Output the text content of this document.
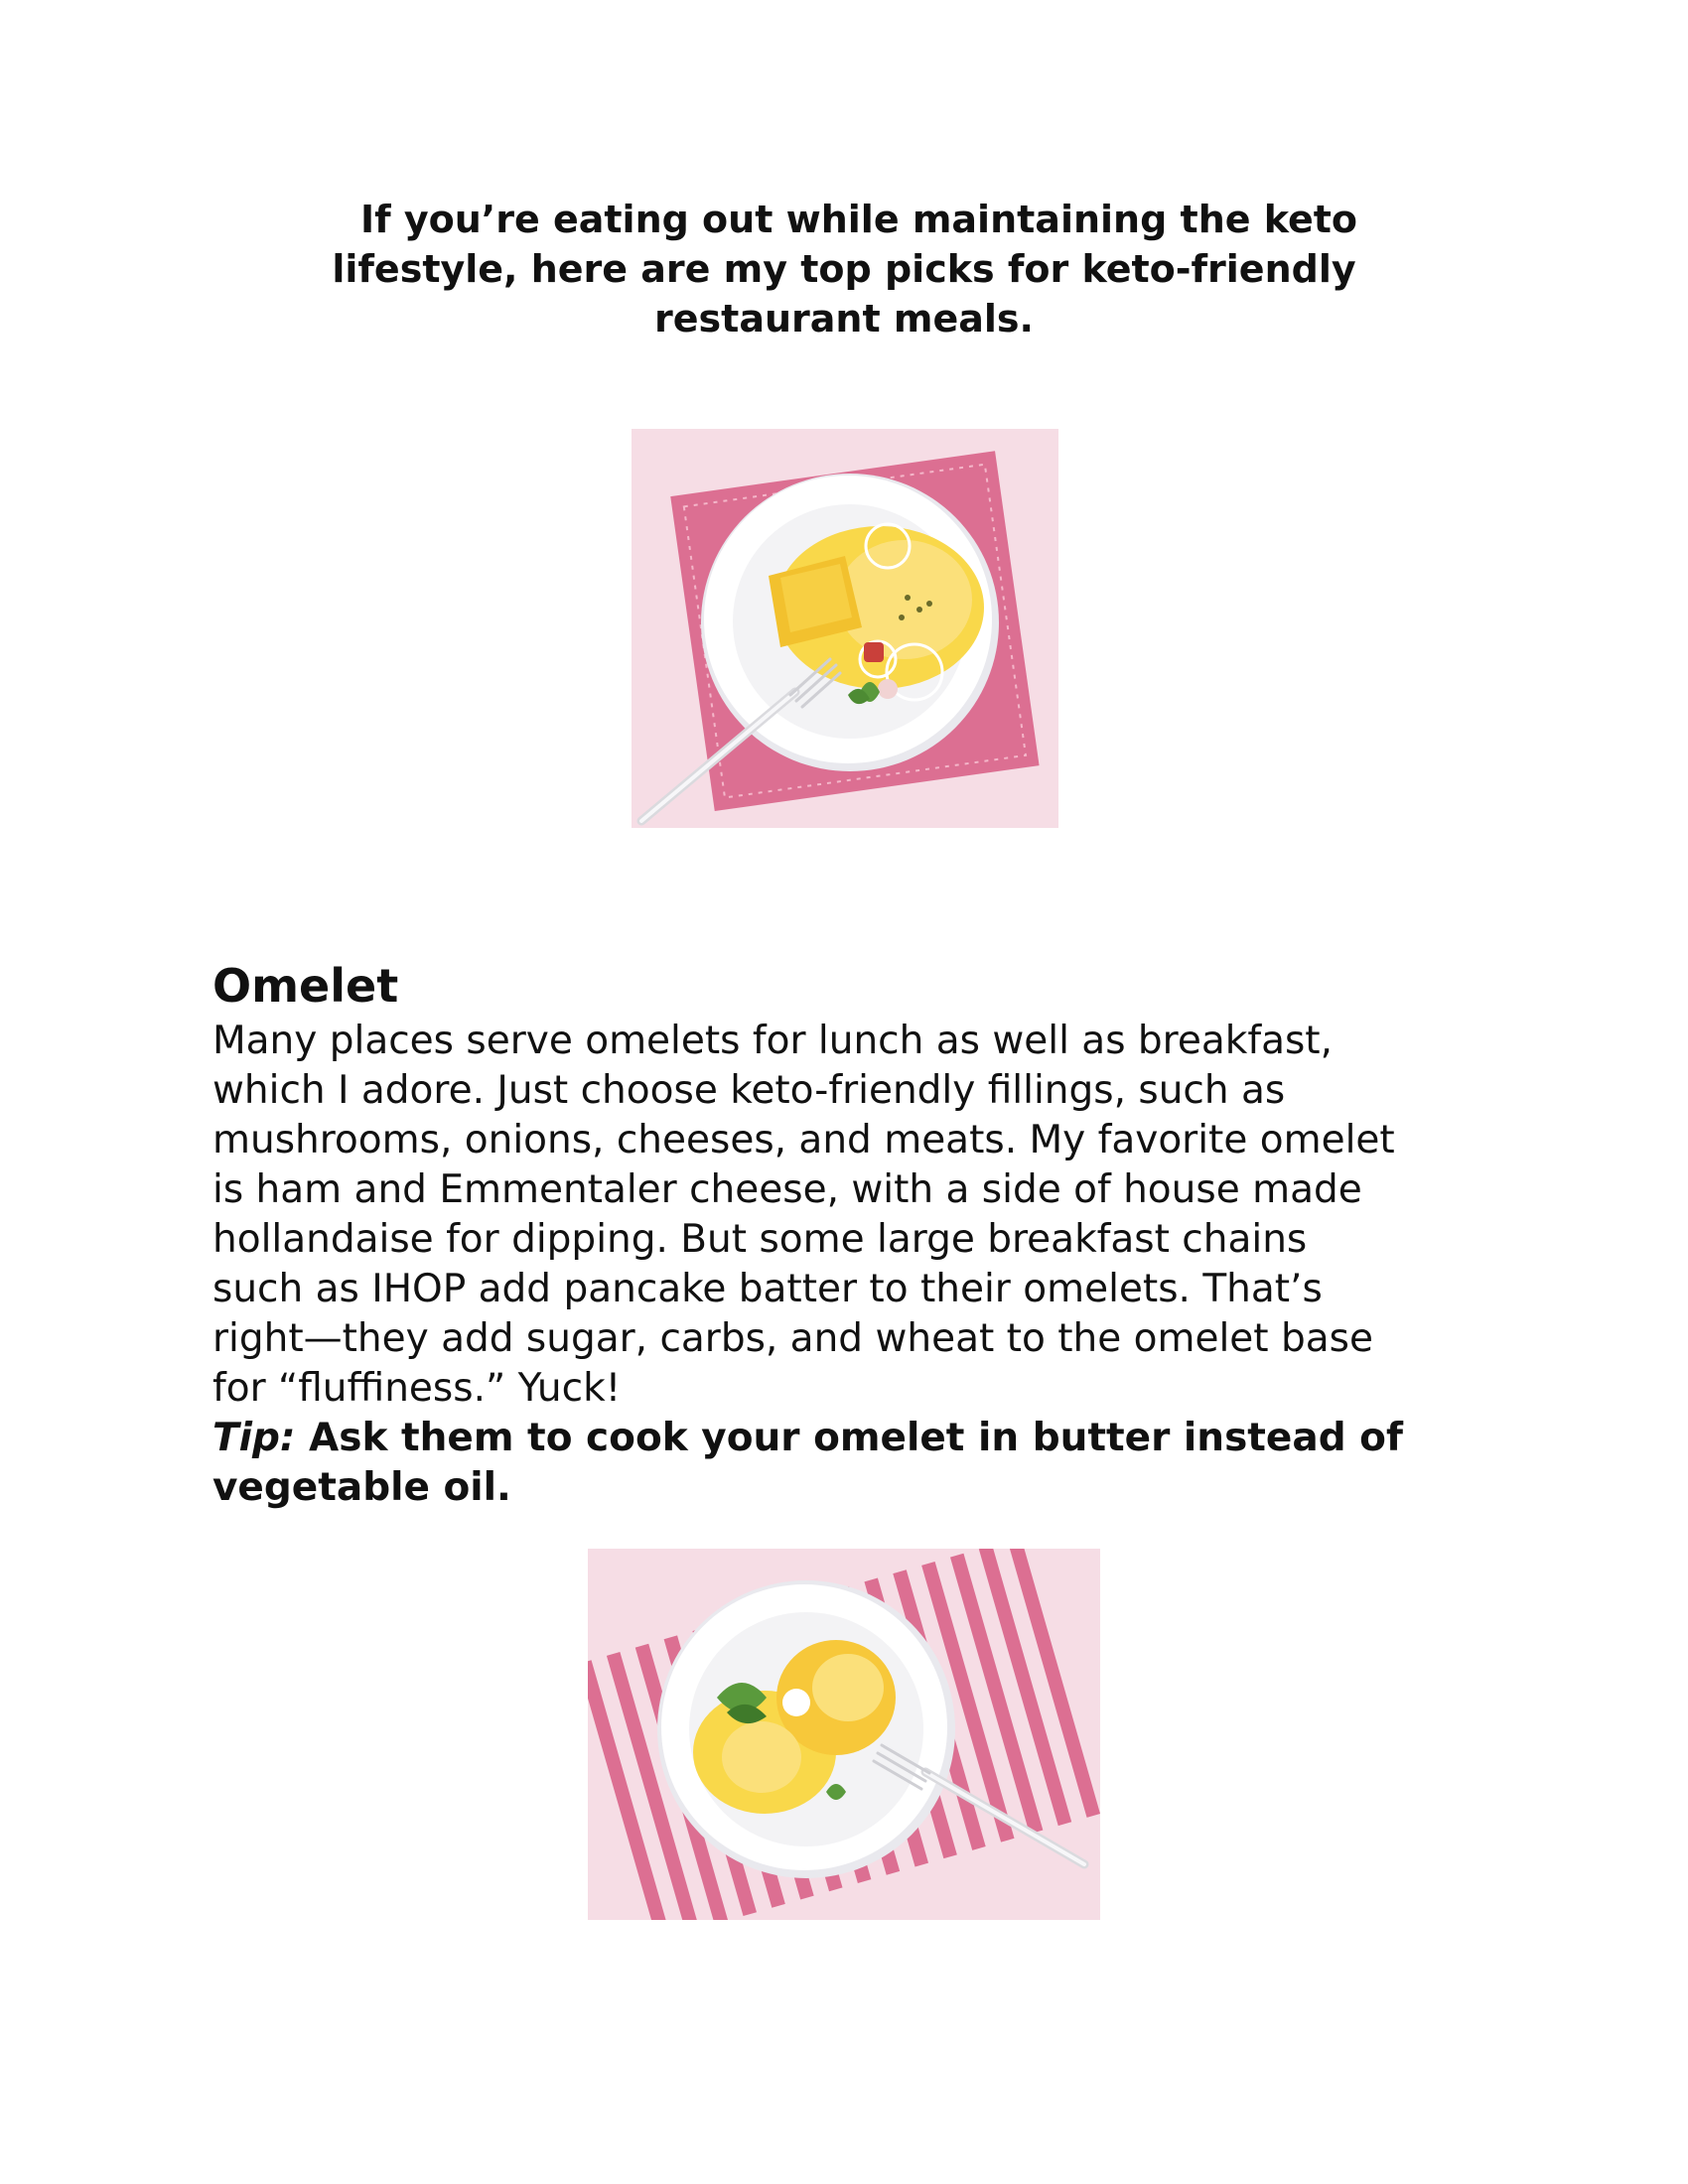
If you’re eating out while maintaining the keto
lifestyle, here are my top picks for keto-friendly
restaurant meals.
Omelet

Many places serve omelets for lunch as well as breakfast,
which I adore. Just choose keto-friendly fillings, such as
mushrooms, onions, cheeses, and meats. My favorite omelet
is ham and Emmentaler cheese, with a side of house made
hollandaise for dipping. But some large breakfast chains
such as IHOP add pancake batter to their omelets. That’s
right—they add sugar, carbs, and wheat to the omelet base
for “fluffiness.” Yuck!

Tip: Ask them to cook your omelet in butter instead of
vegetable oil.
